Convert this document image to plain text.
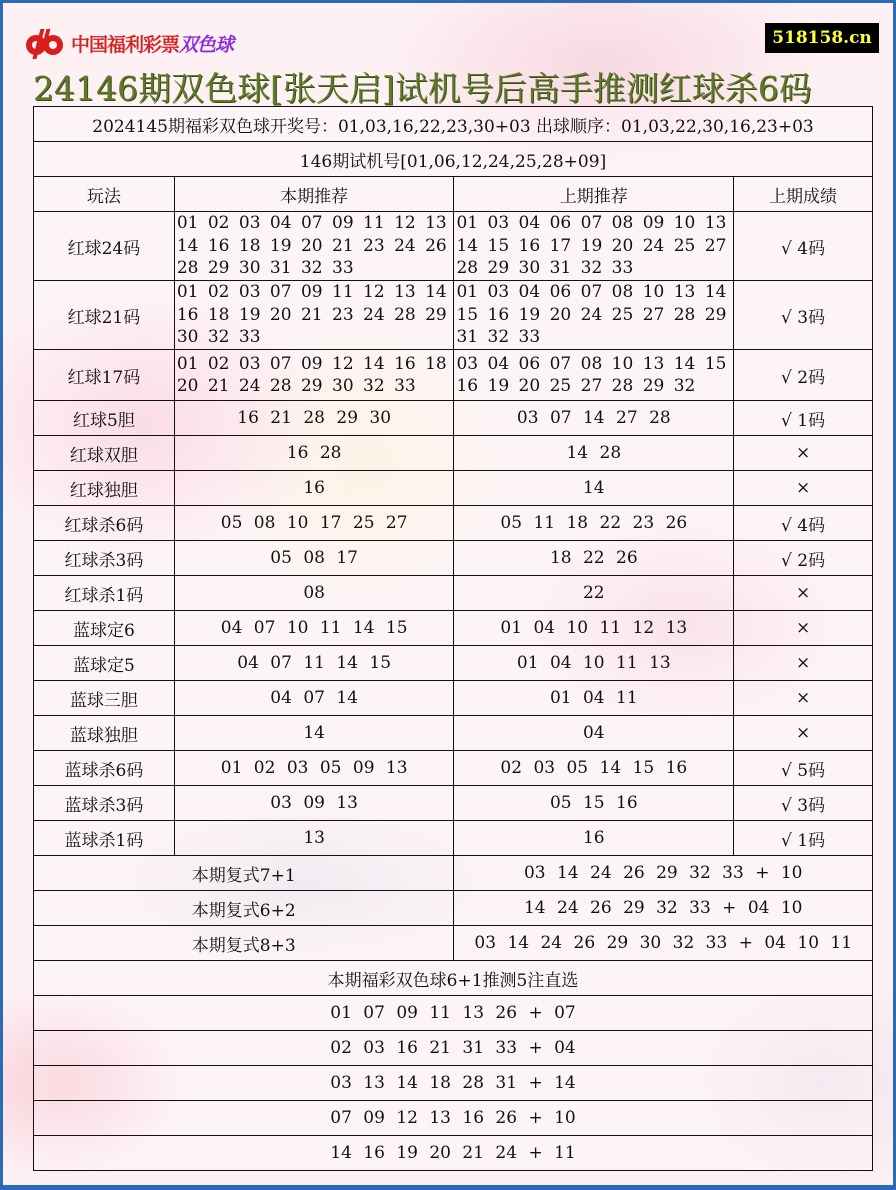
中国福利彩票 双色球	518158.cn
24146期双色球[张天启]试机号后高手推测红球杀6码
2024145期福彩双色球开奖号：01,03,16,22,23,30+03 出球顺序：01,03,22,30,16,23+03			
146期试机号[01,06,12,24,25,28+09]			
玩法	本期推荐	上期推荐	上期成绩
红球24码	01 02 03 04 07 09 11 12 13 14 16 18 19 20 21 23 24 26 28 29 30 31 32 33	01 03 04 06 07 08 09 10 13 14 15 16 17 19 20 24 25 27 28 29 30 31 32 33	√ 4码
红球21码	01 02 03 07 09 11 12 13 14 16 18 19 20 21 23 24 28 29 30 32 33	01 03 04 06 07 08 10 13 14 15 16 19 20 24 25 27 28 29 31 32 33	√ 3码
红球17码	01 02 03 07 09 12 14 16 18 20 21 24 28 29 30 32 33	03 04 06 07 08 10 13 14 15 16 19 20 25 27 28 29 32	√ 2码
红球5胆	16 21 28 29 30	03 07 14 27 28	√ 1码
红球双胆	16 28	14 28	×
红球独胆	16	14	×
红球杀6码	05 08 10 17 25 27	05 11 18 22 23 26	√ 4码
红球杀3码	05 08 17	18 22 26	√ 2码
红球杀1码	08	22	×
蓝球定6	04 07 10 11 14 15	01 04 10 11 12 13	×
蓝球定5	04 07 11 14 15	01 04 10 11 13	×
蓝球三胆	04 07 14	01 04 11	×
蓝球独胆	14	04	×
蓝球杀6码	01 02 03 05 09 13	02 03 05 14 15 16	√ 5码
蓝球杀3码	03 09 13	05 15 16	√ 3码
蓝球杀1码	13	16	√ 1码
本期复式7+1		03 14 24 26 29 32 33 + 10	
本期复式6+2		14 24 26 29 32 33 + 04 10	
本期复式8+3		03 14 24 26 29 30 32 33 + 04 10 11	
本期福彩双色球6+1推测5注直选			
01 07 09 11 13 26 + 07			
02 03 16 21 31 33 + 04			
03 13 14 18 28 31 + 14			
07 09 12 13 16 26 + 10			
14 16 19 20 21 24 + 11			
